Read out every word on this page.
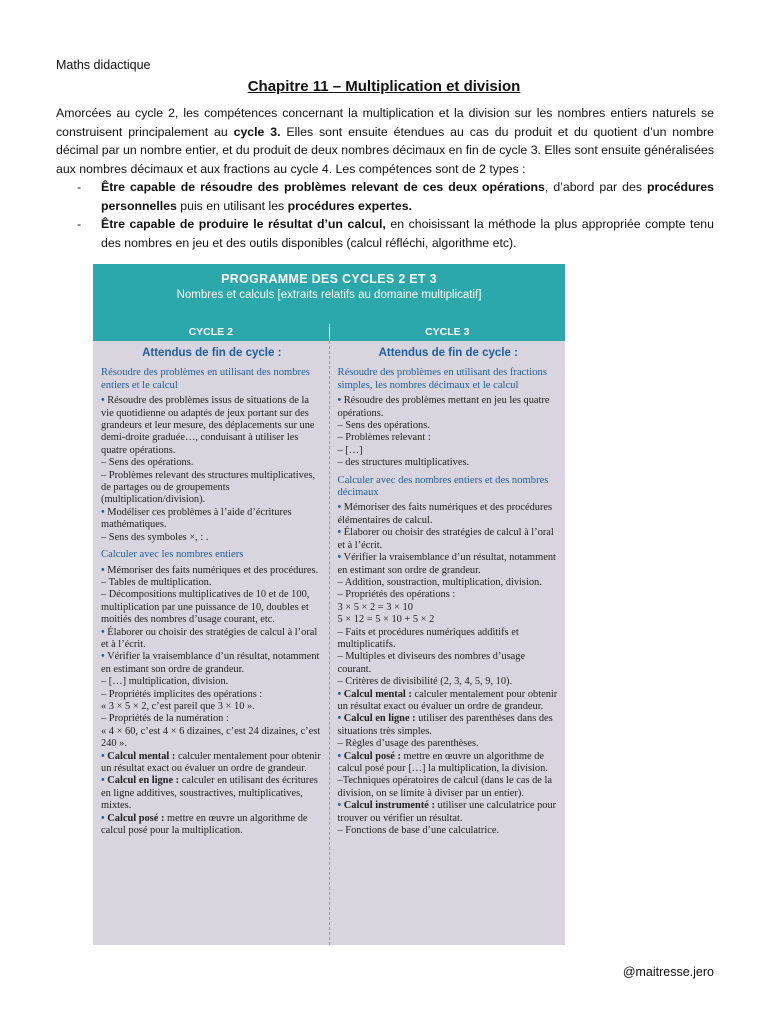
Maths didactique
Chapitre 11 – Multiplication et division

Amorcées au cycle 2, les compétences concernant la multiplication et la division sur les nombres entiers naturels se construisent principalement au cycle 3. Elles sont ensuite étendues au cas du produit et du quotient d’un nombre décimal par un nombre entier, et du produit de deux nombres décimaux en fin de cycle 3. Elles sont ensuite généralisées aux nombres décimaux et aux fractions au cycle 4. Les compétences sont de 2 types :

- Être capable de résoudre des problèmes relevant de ces deux opérations, d’abord par des procédures personnelles puis en utilisant les procédures expertes.
- Être capable de produire le résultat d’un calcul, en choisissant la méthode la plus appropriée compte tenu des nombres en jeu et des outils disponibles (calcul réfléchi, algorithme etc).
PROGRAMME DES CYCLES 2 ET 3
Nombres et calculs [extraits relatifs au domaine multiplicatif]
CYCLE 2	CYCLE 3
Attendus de fin de cycle :
Résoudre des problèmes en utilisant des nombres entiers et le calcul

• Résoudre des problèmes issus de situations de la vie quotidienne ou adaptés de jeux portant sur des grandeurs et leur mesure, des déplacements sur une demi-droite graduée…, conduisant à utiliser les quatre opérations.

– Sens des opérations.

– Problèmes relevant des structures multiplicatives, de partages ou de groupements (multiplication/division).

• Modéliser ces problèmes à l’aide d’écritures mathématiques.

– Sens des symboles ×, : .

Calculer avec les nombres entiers

• Mémoriser des faits numériques et des procédures.

– Tables de multiplication.

– Décompositions multiplicatives de 10 et de 100, multiplication par une puissance de 10, doubles et moitiés des nombres d’usage courant, etc.

• Élaborer ou choisir des stratégies de calcul à l’oral et à l’écrit.

• Vérifier la vraisemblance d’un résultat, notamment en estimant son ordre de grandeur.

– […] multiplication, division.

– Propriétés implicites des opérations :

« 3 × 5 × 2, c’est pareil que 3 × 10 ».

– Propriétés de la numération :

« 4 × 60, c’est 4 × 6 dizaines, c’est 24 dizaines, c’est 240 ».

• Calcul mental : calculer mentalement pour obtenir un résultat exact ou évaluer un ordre de grandeur.

• Calcul en ligne : calculer en utilisant des écritures en ligne additives, soustractives, multiplicatives, mixtes.

• Calcul posé : mettre en œuvre un algorithme de calcul posé pour la multiplication.

Attendus de fin de cycle :
Résoudre des problèmes en utilisant des fractions simples, les nombres décimaux et le calcul

• Résoudre des problèmes mettant en jeu les quatre opérations.

– Sens des opérations.

– Problèmes relevant :

– […]

– des structures multiplicatives.

Calculer avec des nombres entiers et des nombres décimaux

• Mémoriser des faits numériques et des procédures élémentaires de calcul.

• Élaborer ou choisir des stratégies de calcul à l’oral et à l’écrit.

• Vérifier la vraisemblance d’un résultat, notamment en estimant son ordre de grandeur.

– Addition, soustraction, multiplication, division.

– Propriétés des opérations :

3 × 5 × 2 = 3 × 10

5 × 12 = 5 × 10 + 5 × 2

– Faits et procédures numériques additifs et multiplicatifs.

– Multiples et diviseurs des nombres d’usage courant.

– Critères de divisibilité (2, 3, 4, 5, 9, 10).

• Calcul mental : calculer mentalement pour obtenir un résultat exact ou évaluer un ordre de grandeur.

• Calcul en ligne : utiliser des parenthèses dans des situations très simples.

– Règles d’usage des parenthèses.

• Calcul posé : mettre en œuvre un algorithme de calcul posé pour […] la multiplication, la division.

–Techniques opératoires de calcul (dans le cas de la division, on se limite à diviser par un entier).

• Calcul instrumenté : utiliser une calculatrice pour trouver ou vérifier un résultat.

– Fonctions de base d’une calculatrice.

@maitresse.jero
